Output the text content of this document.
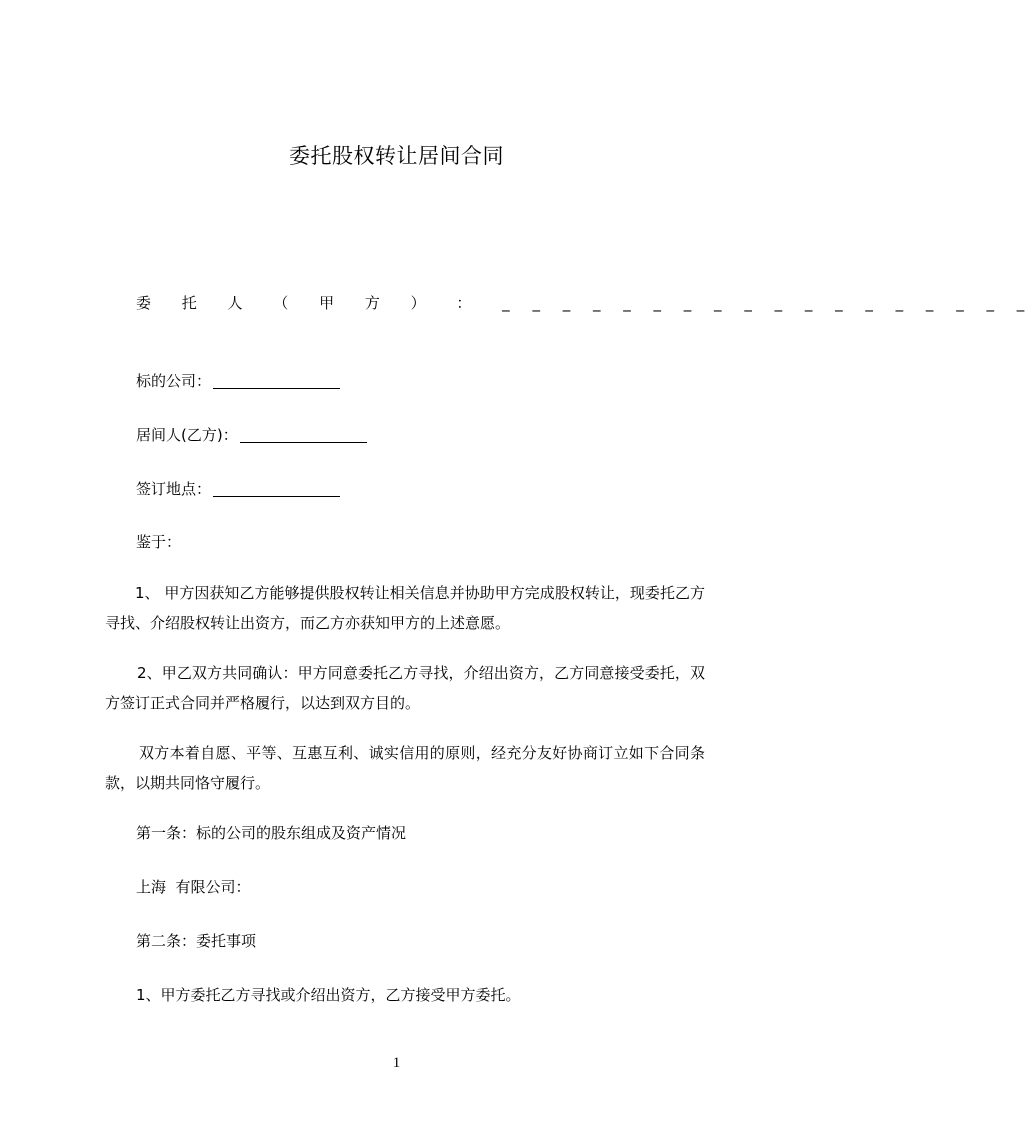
委托股权转让居间合同
委 托 人 （ 甲 方 ） ： _ _ _ _ _ _ _ _ _ _ _ _ _ _ _ _ _ _
标的公司：
居间人(乙方)：
签订地点：
鉴于：
1、 甲方因获知乙方能够提供股权转让相关信息并协助甲方完成股权转让，现委托乙方寻找、介绍股权转让出资方，而乙方亦获知甲方的上述意愿。
2、甲乙双方共同确认：甲方同意委托乙方寻找，介绍出资方，乙方同意接受委托，双方签订正式合同并严格履行，以达到双方目的。
双方本着自愿、平等、互惠互利、诚实信用的原则，经充分友好协商订立如下合同条款，以期共同恪守履行。
第一条：标的公司的股东组成及资产情况
上海  有限公司：
第二条：委托事项
1、甲方委托乙方寻找或介绍出资方，乙方接受甲方委托。
1
